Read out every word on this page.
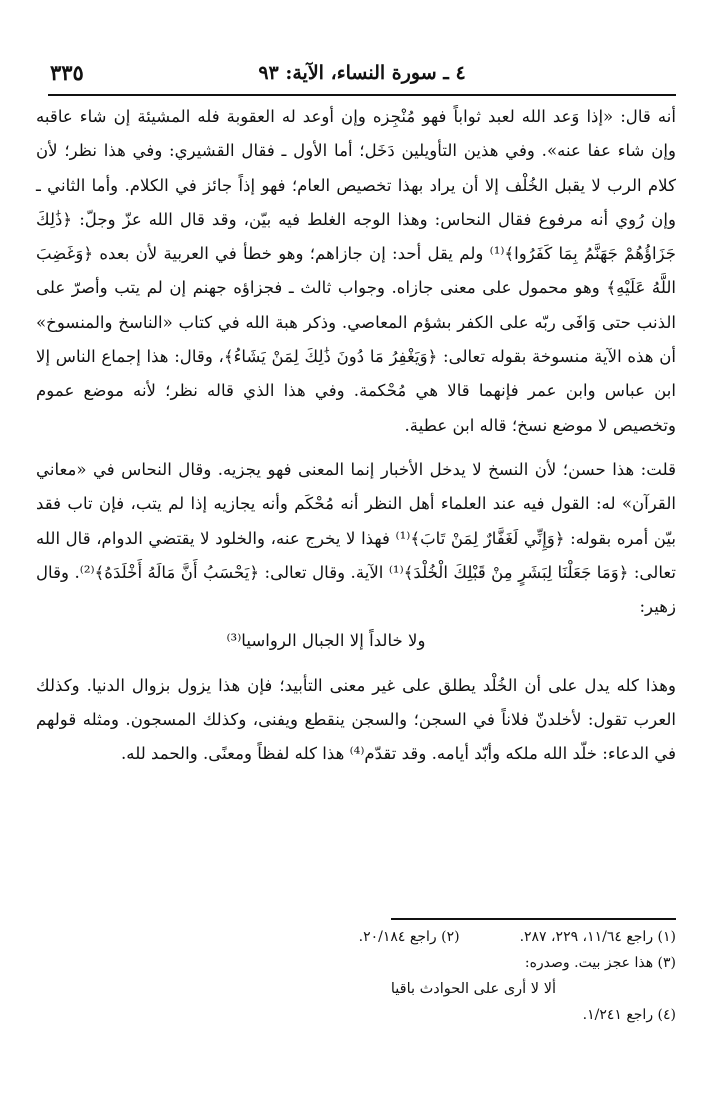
٣٣٥	٤ ـ سورة النساء، الآية: ٩٣

أنه قال: «إذا وَعد الله لعبد ثواباً فهو مُنْجِزه وإن أوعد له العقوبة فله المشيئة إن شاء عاقبه وإن شاء عفا عنه». وفي هذين التأويلين دَخَل؛ أما الأول ـ فقال القشيري: وفي هذا نظر؛ لأن كلام الرب لا يقبل الخُلْف إلا أن يراد بهذا تخصيص العام؛ فهو إذاً جائز في الكلام. وأما الثاني ـ وإن رُوي أنه مرفوع فقال النحاس: وهذا الوجه الغلط فيه بيّن، وقد قال الله عزّ وجلّ: ﴿ذَٰلِكَ جَزَاؤُهُمْ جَهَنَّمُ بِمَا كَفَرُوا﴾⁽¹⁾ ولم يقل أحد: إن جازاهم؛ وهو خطأ في العربية لأن بعده ﴿وَغَضِبَ اللَّهُ عَلَيْهِ﴾ وهو محمول على معنى جازاه. وجواب ثالث ـ فجزاؤه جهنم إن لم يتب وأصرّ على الذنب حتى وَافَى ربّه على الكفر بشؤم المعاصي. وذكر هبة الله في كتاب «الناسخ والمنسوخ» أن هذه الآية منسوخة بقوله تعالى: ﴿وَيَغْفِرُ مَا دُونَ ذَٰلِكَ لِمَنْ يَشَاءُ﴾، وقال: هذا إجماع الناس إلا ابن عباس وابن عمر فإنهما قالا هي مُحْكمة. وفي هذا الذي قاله نظر؛ لأنه موضع عموم وتخصيص لا موضع نسخ؛ قاله ابن عطية.

قلت: هذا حسن؛ لأن النسخ لا يدخل الأخبار إنما المعنى فهو يجزيه. وقال النحاس في «معاني القرآن» له: القول فيه عند العلماء أهل النظر أنه مُحْكَم وأنه يجازيه إذا لم يتب، فإن تاب فقد بيّن أمره بقوله: ﴿وَإِنِّي لَغَفَّارٌ لِمَنْ تَابَ﴾⁽¹⁾ فهذا لا يخرج عنه، والخلود لا يقتضي الدوام، قال الله تعالى: ﴿وَمَا جَعَلْنَا لِبَشَرٍ مِنْ قَبْلِكَ الْخُلْدَ﴾⁽¹⁾ الآية. وقال تعالى: ﴿يَحْسَبُ أَنَّ مَالَهُ أَخْلَدَهُ﴾⁽²⁾. وقال زهير:

ولا خالداً إلا الجبال الرواسيا⁽³⁾

وهذا كله يدل على أن الخُلْد يطلق على غير معنى التأبيد؛ فإن هذا يزول بزوال الدنيا. وكذلك العرب تقول: لأخلدنّ فلاناً في السجن؛ والسجن ينقطع ويفنى، وكذلك المسجون. ومثله قولهم في الدعاء: خلّد الله ملكه وأبّد أيامه. وقد تقدّم⁽⁴⁾ هذا كله لفظاً ومعنًى. والحمد لله.

(١) راجع ١١/٦٤، ٢٢٩، ٢٨٧.
(٢) راجع ٢٠/١٨٤.
(٣) هذا عجز بيت. وصدره:
ألا لا أرى على الحوادث باقيا
(٤) راجع ١/٢٤١.
